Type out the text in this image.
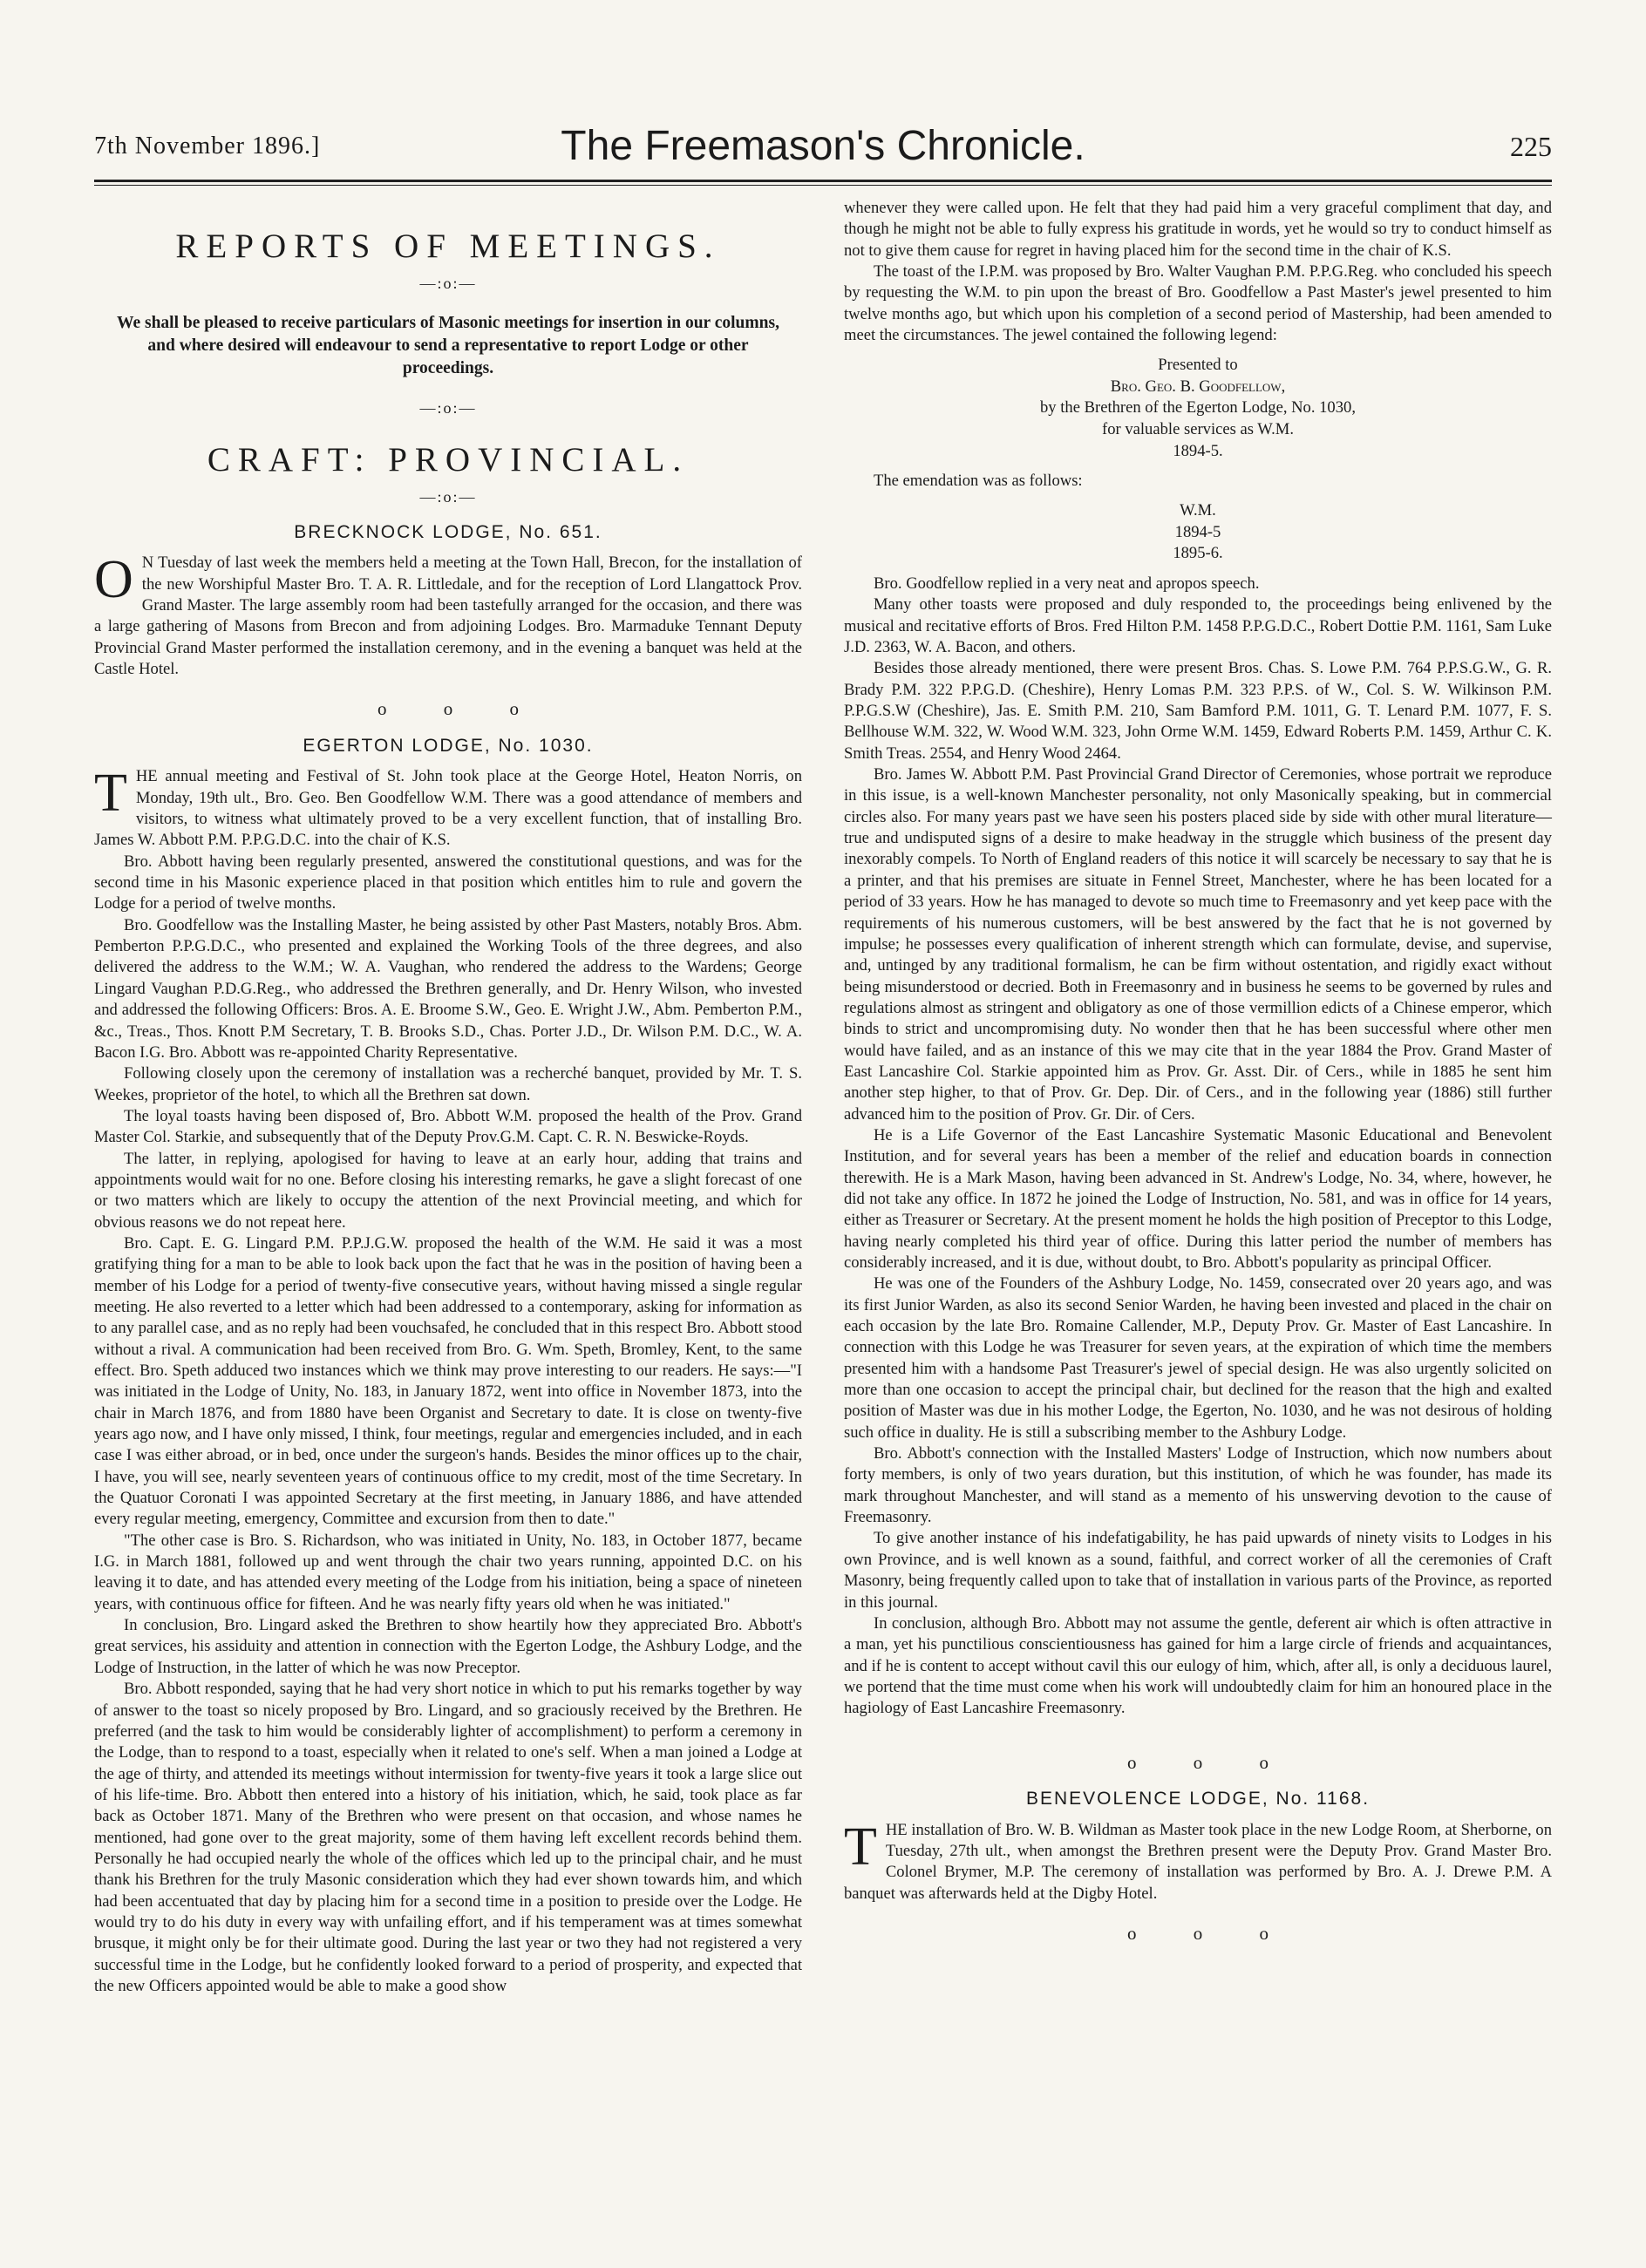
7th November 1896.]	The Freemason's Chronicle.	225
REPORTS OF MEETINGS.
—:o:—
We shall be pleased to receive particulars of Masonic meetings for insertion in our columns, and where desired will endeavour to send a representative to report Lodge or other proceedings.
—:o:—
CRAFT: PROVINCIAL.
—:o:—
BRECKNOCK LODGE, No. 651.

O N Tuesday of last week the members held a meeting at the Town Hall, Brecon, for the installation of the new Worshipful Master Bro. T. A. R. Littledale, and for the reception of Lord Llangattock Prov. Grand Master. The large assembly room had been tastefully arranged for the occasion, and there was a large gathering of Masons from Brecon and from adjoining Lodges. Bro. Marmaduke Tennant Deputy Provincial Grand Master performed the installation ceremony, and in the evening a banquet was held at the Castle Hotel.

o o o
EGERTON LODGE, No. 1030.

THE annual meeting and Festival of St. John took place at the George Hotel, Heaton Norris, on Monday, 19th ult., Bro. Geo. Ben Goodfellow W.M. There was a good attendance of members and visitors, to witness what ultimately proved to be a very excellent function, that of installing Bro. James W. Abbott P.M. P.P.G.D.C. into the chair of K.S.

Bro. Abbott having been regularly presented, answered the constitutional questions, and was for the second time in his Masonic experience placed in that position which entitles him to rule and govern the Lodge for a period of twelve months.

Bro. Goodfellow was the Installing Master, he being assisted by other Past Masters, notably Bros. Abm. Pemberton P.P.G.D.C., who presented and explained the Working Tools of the three degrees, and also delivered the address to the W.M.; W. A. Vaughan, who rendered the address to the Wardens; George Lingard Vaughan P.D.G.Reg., who addressed the Brethren generally, and Dr. Henry Wilson, who invested and addressed the following Officers: Bros. A. E. Broome S.W., Geo. E. Wright J.W., Abm. Pemberton P.M., &c., Treas., Thos. Knott P.M Secretary, T. B. Brooks S.D., Chas. Porter J.D., Dr. Wilson P.M. D.C., W. A. Bacon I.G. Bro. Abbott was re-appointed Charity Representative.

Following closely upon the ceremony of installation was a recherché banquet, provided by Mr. T. S. Weekes, proprietor of the hotel, to which all the Brethren sat down.

The loyal toasts having been disposed of, Bro. Abbott W.M. proposed the health of the Prov. Grand Master Col. Starkie, and subsequently that of the Deputy Prov.G.M. Capt. C. R. N. Beswicke-Royds.

The latter, in replying, apologised for having to leave at an early hour, adding that trains and appointments would wait for no one. Before closing his interesting remarks, he gave a slight forecast of one or two matters which are likely to occupy the attention of the next Provincial meeting, and which for obvious reasons we do not repeat here.

Bro. Capt. E. G. Lingard P.M. P.P.J.G.W. proposed the health of the W.M. He said it was a most gratifying thing for a man to be able to look back upon the fact that he was in the position of having been a member of his Lodge for a period of twenty-five consecutive years, without having missed a single regular meeting. He also reverted to a letter which had been addressed to a contemporary, asking for information as to any parallel case, and as no reply had been vouchsafed, he concluded that in this respect Bro. Abbott stood without a rival. A communication had been received from Bro. G. Wm. Speth, Bromley, Kent, to the same effect. Bro. Speth adduced two instances which we think may prove interesting to our readers. He says:—"I was initiated in the Lodge of Unity, No. 183, in January 1872, went into office in November 1873, into the chair in March 1876, and from 1880 have been Organist and Secretary to date. It is close on twenty-five years ago now, and I have only missed, I think, four meetings, regular and emergencies included, and in each case I was either abroad, or in bed, once under the surgeon's hands. Besides the minor offices up to the chair, I have, you will see, nearly seventeen years of continuous office to my credit, most of the time Secretary. In the Quatuor Coronati I was appointed Secretary at the first meeting, in January 1886, and have attended every regular meeting, emergency, Committee and excursion from then to date."

"The other case is Bro. S. Richardson, who was initiated in Unity, No. 183, in October 1877, became I.G. in March 1881, followed up and went through the chair two years running, appointed D.C. on his leaving it to date, and has attended every meeting of the Lodge from his initiation, being a space of nineteen years, with continuous office for fifteen. And he was nearly fifty years old when he was initiated."

In conclusion, Bro. Lingard asked the Brethren to show heartily how they appreciated Bro. Abbott's great services, his assiduity and attention in connection with the Egerton Lodge, the Ashbury Lodge, and the Lodge of Instruction, in the latter of which he was now Preceptor.

Bro. Abbott responded, saying that he had very short notice in which to put his remarks together by way of answer to the toast so nicely proposed by Bro. Lingard, and so graciously received by the Brethren. He preferred (and the task to him would be considerably lighter of accomplishment) to perform a ceremony in the Lodge, than to respond to a toast, especially when it related to one's self. When a man joined a Lodge at the age of thirty, and attended its meetings without intermission for twenty-five years it took a large slice out of his life-time. Bro. Abbott then entered into a history of his initiation, which, he said, took place as far back as October 1871. Many of the Brethren who were present on that occasion, and whose names he mentioned, had gone over to the great majority, some of them having left excellent records behind them. Personally he had occupied nearly the whole of the offices which led up to the principal chair, and he must thank his Brethren for the truly Masonic consideration which they had ever shown towards him, and which had been accentuated that day by placing him for a second time in a position to preside over the Lodge. He would try to do his duty in every way with unfailing effort, and if his temperament was at times somewhat brusque, it might only be for their ultimate good. During the last year or two they had not registered a very successful time in the Lodge, but he confidently looked forward to a period of prosperity, and expected that the new Officers appointed would be able to make a good show

whenever they were called upon. He felt that they had paid him a very graceful compliment that day, and though he might not be able to fully express his gratitude in words, yet he would so try to conduct himself as not to give them cause for regret in having placed him for the second time in the chair of K.S.

The toast of the I.P.M. was proposed by Bro. Walter Vaughan P.M. P.P.G.Reg. who concluded his speech by requesting the W.M. to pin upon the breast of Bro. Goodfellow a Past Master's jewel presented to him twelve months ago, but which upon his completion of a second period of Mastership, had been amended to meet the circumstances. The jewel contained the following legend:

Presented to
Bro. Geo. B. Goodfellow,
by the Brethren of the Egerton Lodge, No. 1030,
for valuable services as W.M.
1894-5.

The emendation was as follows:

W.M.
1894-5
1895-6.

Bro. Goodfellow replied in a very neat and apropos speech.

Many other toasts were proposed and duly responded to, the proceedings being enlivened by the musical and recitative efforts of Bros. Fred Hilton P.M. 1458 P.P.G.D.C., Robert Dottie P.M. 1161, Sam Luke J.D. 2363, W. A. Bacon, and others.

Besides those already mentioned, there were present Bros. Chas. S. Lowe P.M. 764 P.P.S.G.W., G. R. Brady P.M. 322 P.P.G.D. (Cheshire), Henry Lomas P.M. 323 P.P.S. of W., Col. S. W. Wilkinson P.M. P.P.G.S.W (Cheshire), Jas. E. Smith P.M. 210, Sam Bamford P.M. 1011, G. T. Lenard P.M. 1077, F. S. Bellhouse W.M. 322, W. Wood W.M. 323, John Orme W.M. 1459, Edward Roberts P.M. 1459, Arthur C. K. Smith Treas. 2554, and Henry Wood 2464.

Bro. James W. Abbott P.M. Past Provincial Grand Director of Ceremonies, whose portrait we reproduce in this issue, is a well-known Manchester personality, not only Masonically speaking, but in commercial circles also. For many years past we have seen his posters placed side by side with other mural literature—true and undisputed signs of a desire to make headway in the struggle which business of the present day inexorably compels. To North of England readers of this notice it will scarcely be necessary to say that he is a printer, and that his premises are situate in Fennel Street, Manchester, where he has been located for a period of 33 years. How he has managed to devote so much time to Freemasonry and yet keep pace with the requirements of his numerous customers, will be best answered by the fact that he is not governed by impulse; he possesses every qualification of inherent strength which can formulate, devise, and supervise, and, untinged by any traditional formalism, he can be firm without ostentation, and rigidly exact without being misunderstood or decried. Both in Freemasonry and in business he seems to be governed by rules and regulations almost as stringent and obligatory as one of those vermillion edicts of a Chinese emperor, which binds to strict and uncompromising duty. No wonder then that he has been successful where other men would have failed, and as an instance of this we may cite that in the year 1884 the Prov. Grand Master of East Lancashire Col. Starkie appointed him as Prov. Gr. Asst. Dir. of Cers., while in 1885 he sent him another step higher, to that of Prov. Gr. Dep. Dir. of Cers., and in the following year (1886) still further advanced him to the position of Prov. Gr. Dir. of Cers.

He is a Life Governor of the East Lancashire Systematic Masonic Educational and Benevolent Institution, and for several years has been a member of the relief and education boards in connection therewith. He is a Mark Mason, having been advanced in St. Andrew's Lodge, No. 34, where, however, he did not take any office. In 1872 he joined the Lodge of Instruction, No. 581, and was in office for 14 years, either as Treasurer or Secretary. At the present moment he holds the high position of Preceptor to this Lodge, having nearly completed his third year of office. During this latter period the number of members has considerably increased, and it is due, without doubt, to Bro. Abbott's popularity as principal Officer.

He was one of the Founders of the Ashbury Lodge, No. 1459, consecrated over 20 years ago, and was its first Junior Warden, as also its second Senior Warden, he having been invested and placed in the chair on each occasion by the late Bro. Romaine Callender, M.P., Deputy Prov. Gr. Master of East Lancashire. In connection with this Lodge he was Treasurer for seven years, at the expiration of which time the members presented him with a handsome Past Treasurer's jewel of special design. He was also urgently solicited on more than one occasion to accept the principal chair, but declined for the reason that the high and exalted position of Master was due in his mother Lodge, the Egerton, No. 1030, and he was not desirous of holding such office in duality. He is still a subscribing member to the Ashbury Lodge.

Bro. Abbott's connection with the Installed Masters' Lodge of Instruction, which now numbers about forty members, is only of two years duration, but this institution, of which he was founder, has made its mark throughout Manchester, and will stand as a memento of his unswerving devotion to the cause of Freemasonry.

To give another instance of his indefatigability, he has paid upwards of ninety visits to Lodges in his own Province, and is well known as a sound, faithful, and correct worker of all the ceremonies of Craft Masonry, being frequently called upon to take that of installation in various parts of the Province, as reported in this journal.

In conclusion, although Bro. Abbott may not assume the gentle, deferent air which is often attractive in a man, yet his punctilious conscientiousness has gained for him a large circle of friends and acquaintances, and if he is content to accept without cavil this our eulogy of him, which, after all, is only a deciduous laurel, we portend that the time must come when his work will undoubtedly claim for him an honoured place in the hagiology of East Lancashire Freemasonry.

o o o
BENEVOLENCE LODGE, No. 1168.

THE installation of Bro. W. B. Wildman as Master took place in the new Lodge Room, at Sherborne, on Tuesday, 27th ult., when amongst the Brethren present were the Deputy Prov. Grand Master Bro. Colonel Brymer, M.P. The ceremony of installation was performed by Bro. A. J. Drewe P.M. A banquet was afterwards held at the Digby Hotel.

o o o
